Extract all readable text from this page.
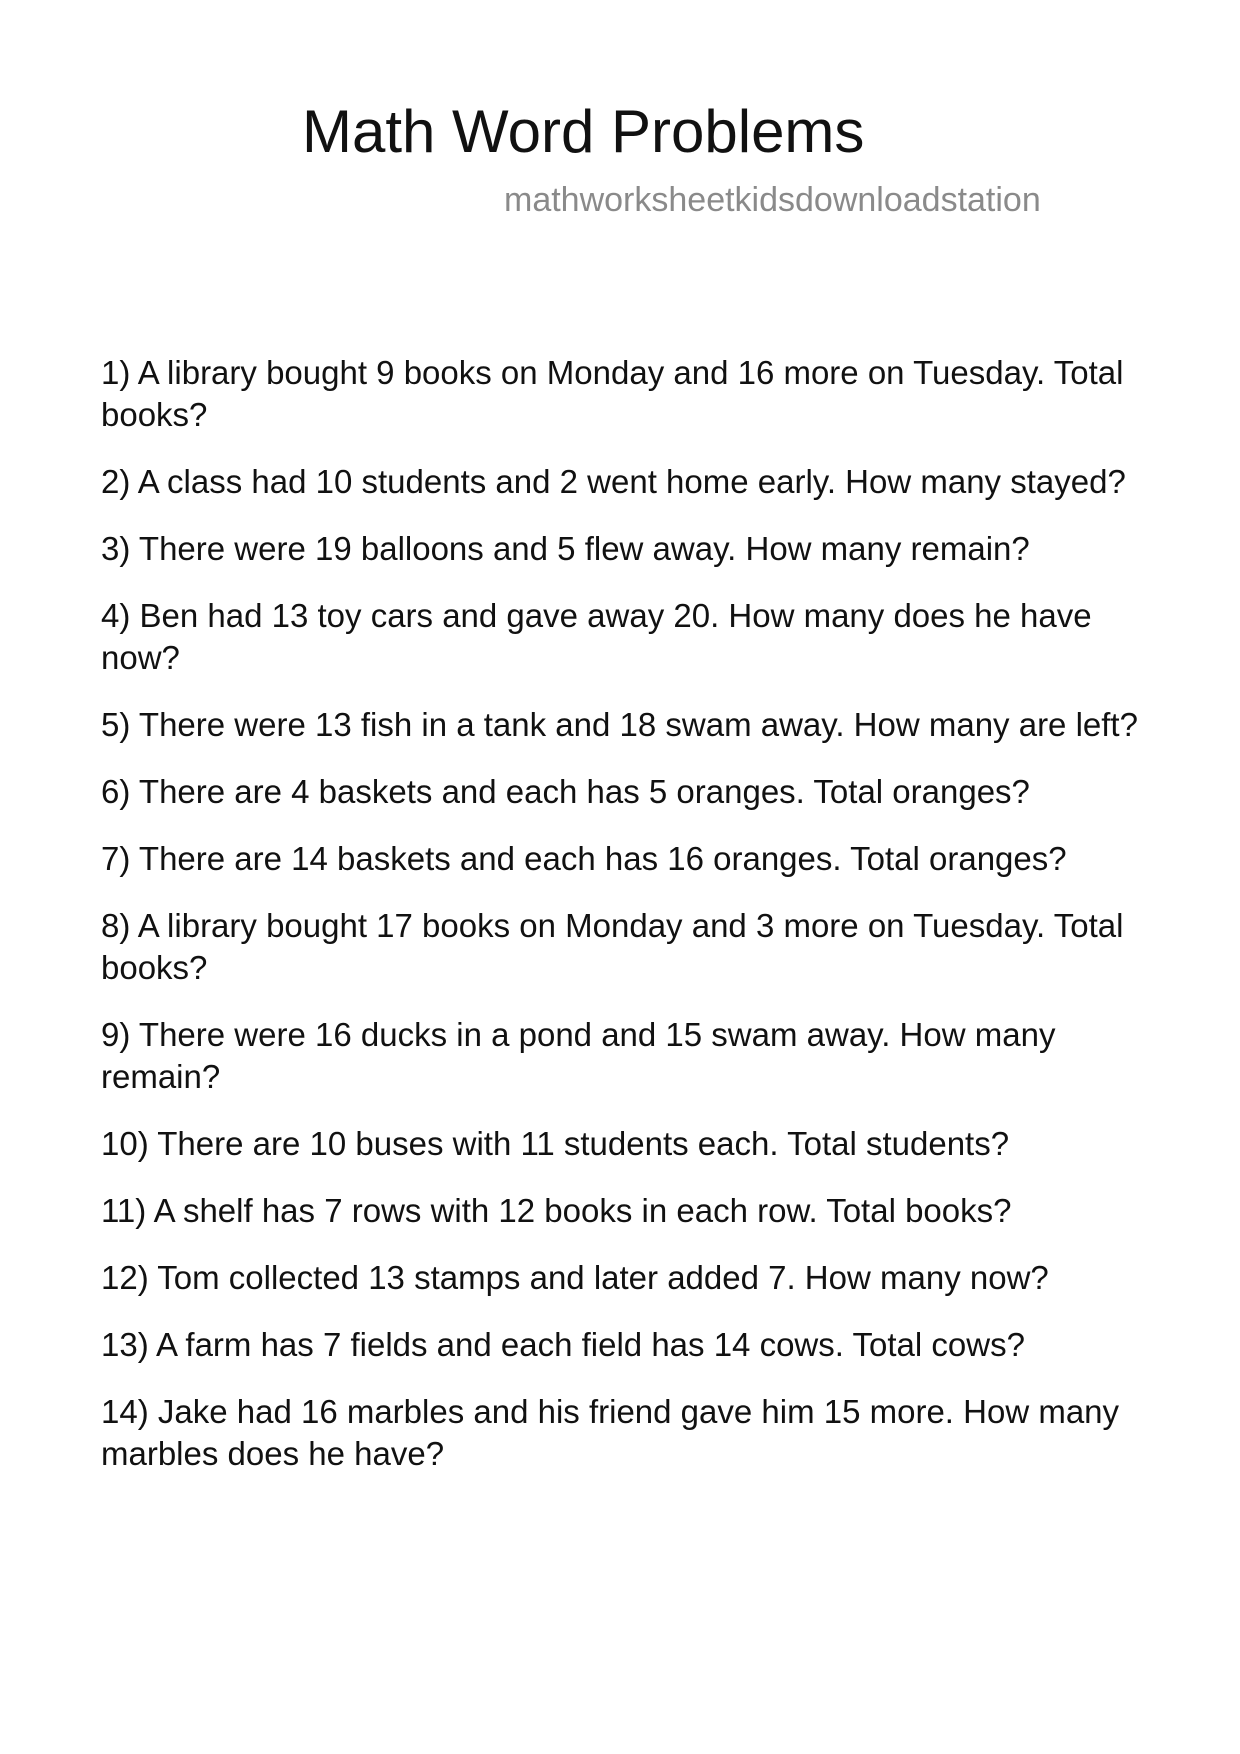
Math Word Problems
mathworksheetkidsdownloadstation
1) A library bought 9 books on Monday and 16 more on Tuesday. Total books?
2) A class had 10 students and 2 went home early. How many stayed?
3) There were 19 balloons and 5 flew away. How many remain?
4) Ben had 13 toy cars and gave away 20. How many does he have now?
5) There were 13 fish in a tank and 18 swam away. How many are left?
6) There are 4 baskets and each has 5 oranges. Total oranges?
7) There are 14 baskets and each has 16 oranges. Total oranges?
8) A library bought 17 books on Monday and 3 more on Tuesday. Total books?
9) There were 16 ducks in a pond and 15 swam away. How many remain?
10) There are 10 buses with 11 students each. Total students?
11) A shelf has 7 rows with 12 books in each row. Total books?
12) Tom collected 13 stamps and later added 7. How many now?
13) A farm has 7 fields and each field has 14 cows. Total cows?
14) Jake had 16 marbles and his friend gave him 15 more. How many marbles does he have?
